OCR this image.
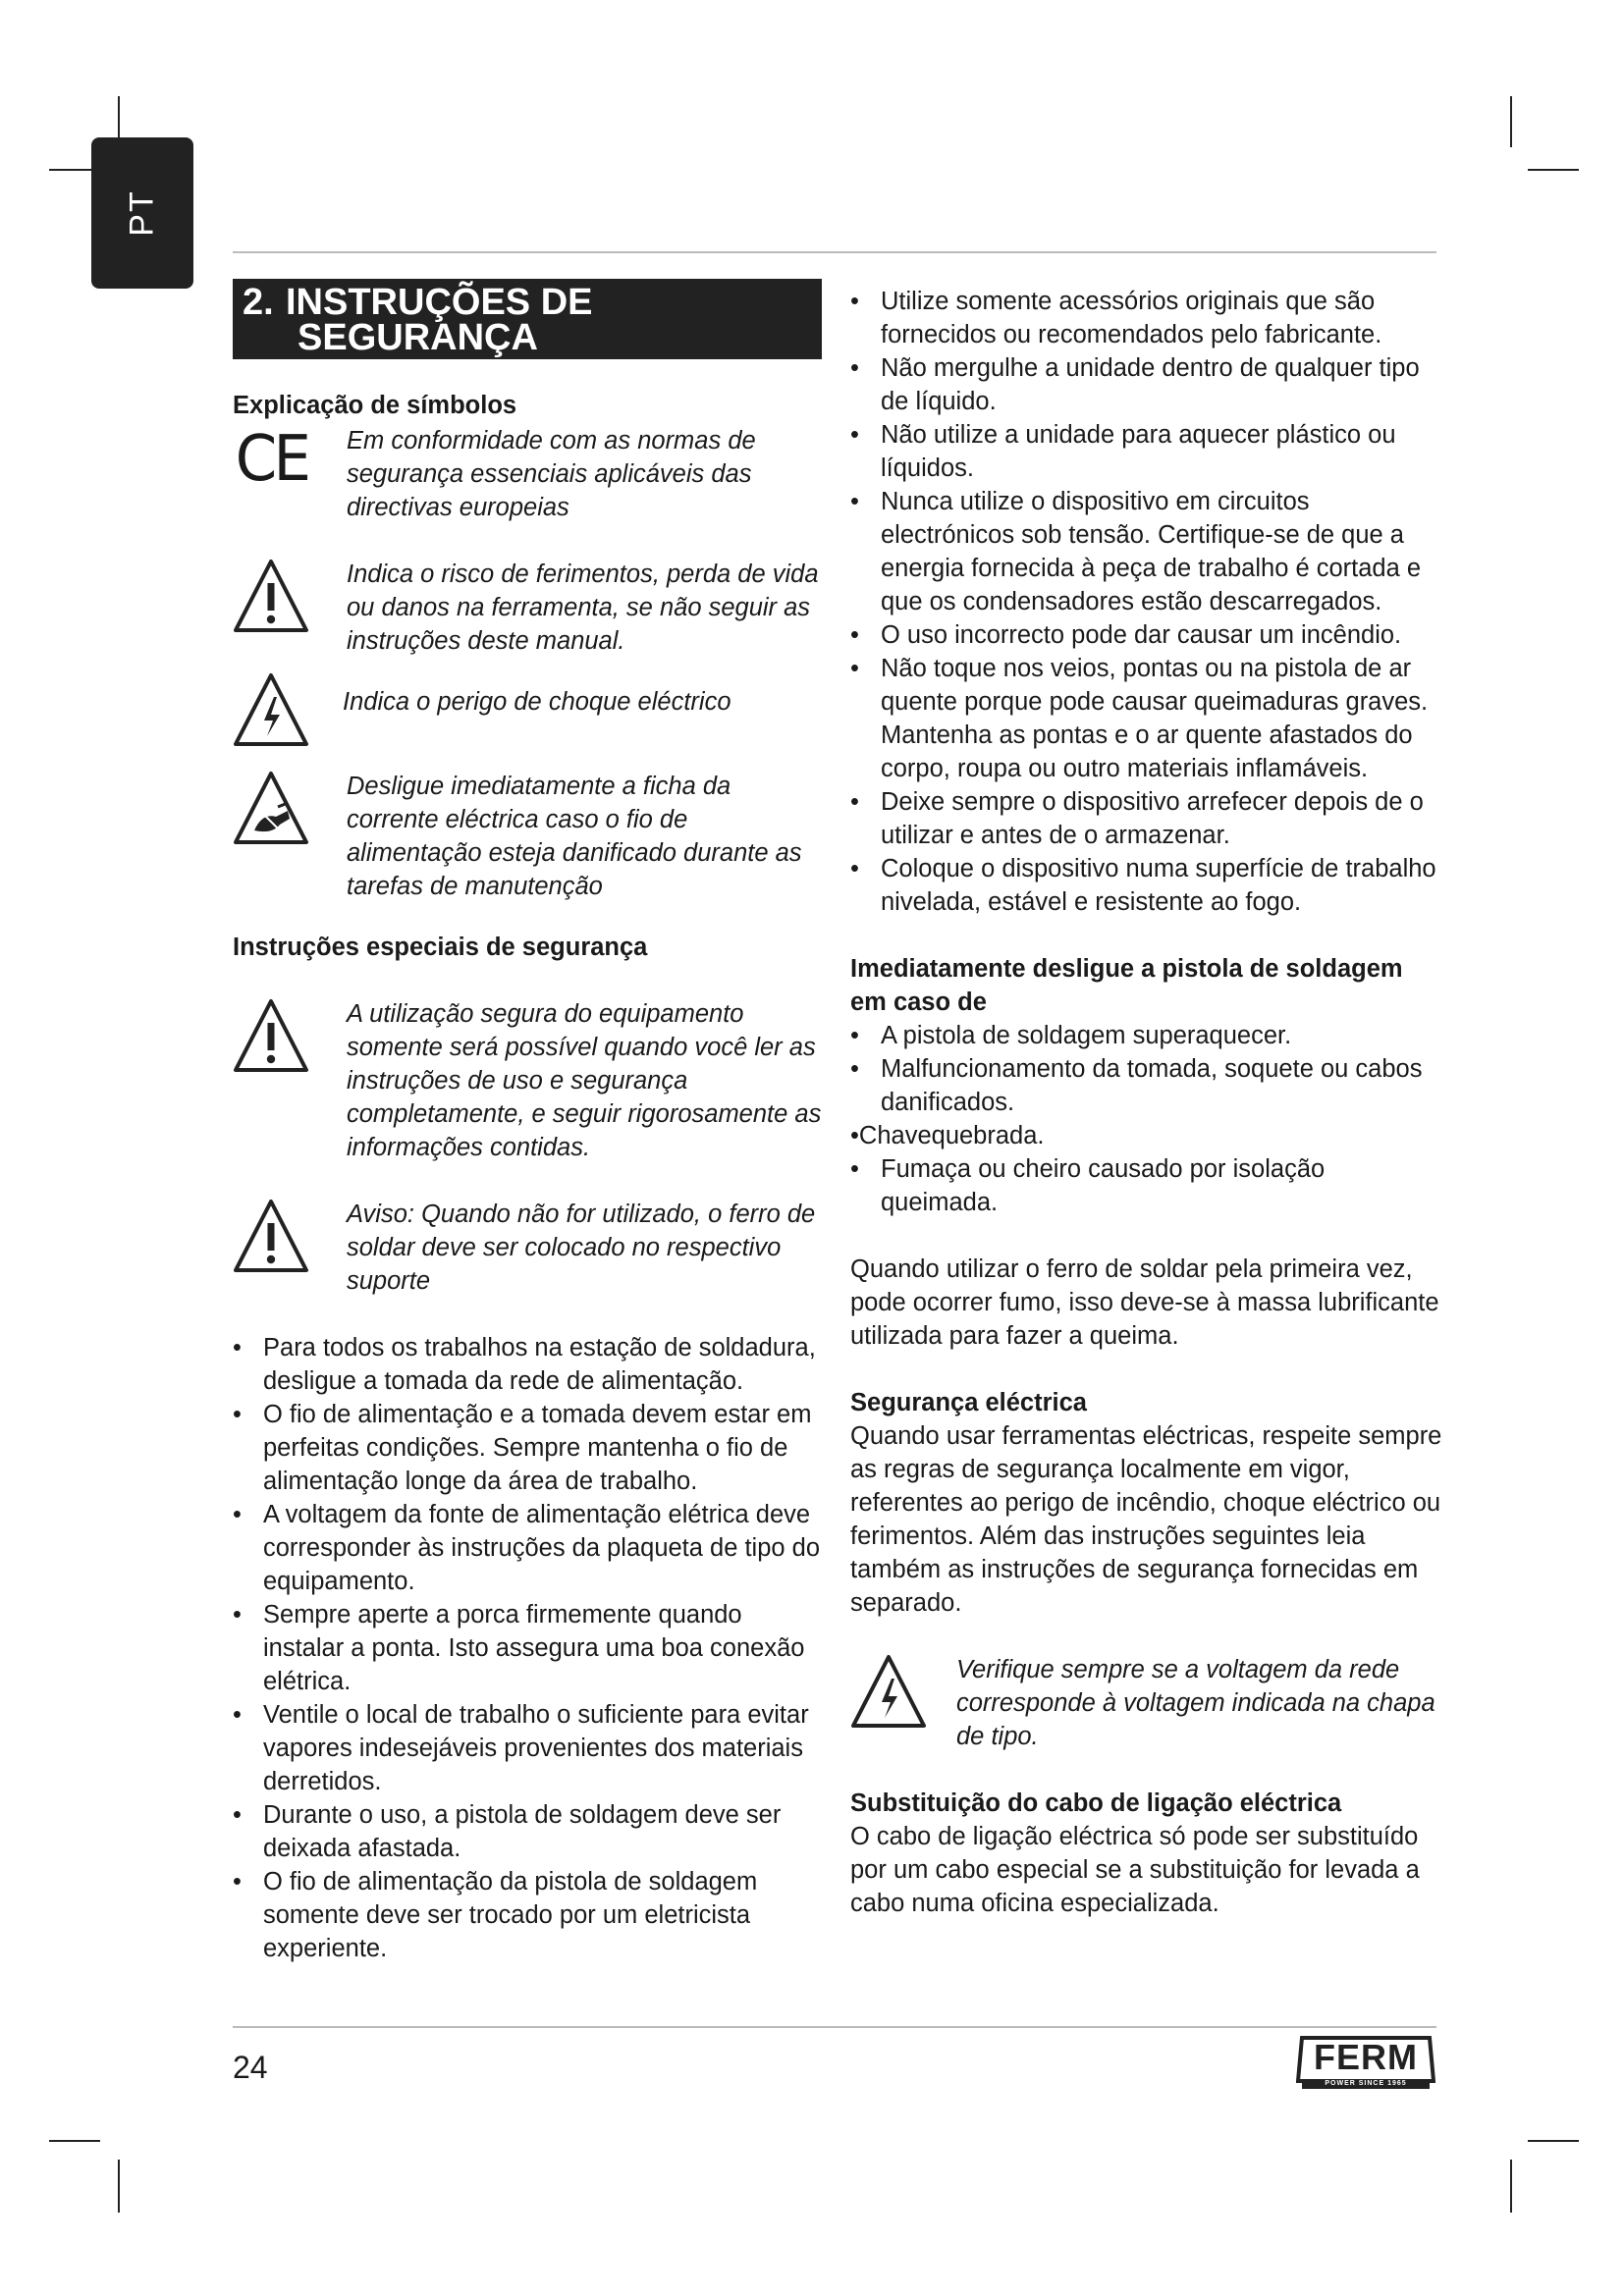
PT
2. INSTRUÇÕES DE
SEGURANÇA
Explicação de símbolos
CE	Em conformidade com as normas de segurança essenciais aplicáveis das directivas europeias
Indica o risco de ferimentos, perda de vida ou danos na ferramenta, se não seguir as instruções deste manual.
Indica o perigo de choque eléctrico
Desligue imediatamente a ficha da corrente eléctrica caso o fio de alimentação esteja danificado durante as tarefas de manutenção
Instruções especiais de segurança
A utilização segura do equipamento somente será possível quando você ler as instruções de uso e segurança completamente, e seguir rigorosamente as informações contidas.
Aviso: Quando não for utilizado, o ferro de soldar deve ser colocado no respectivo suporte
• Para todos os trabalhos na estação de soldadura, desligue a tomada da rede de alimentação.
• O fio de alimentação e a tomada devem estar em perfeitas condições. Sempre mantenha o fio de alimentação longe da área de trabalho.
• A voltagem da fonte de alimentação elétrica deve corresponder às instruções da plaqueta de tipo do equipamento.
• Sempre aperte a porca firmemente quando instalar a ponta. Isto assegura uma boa conexão elétrica.
• Ventile o local de trabalho o suficiente para evitar vapores indesejáveis provenientes dos materiais derretidos.
• Durante o uso, a pistola de soldagem deve ser deixada afastada.
• O fio de alimentação da pistola de soldagem somente deve ser trocado por um eletricista experiente.
• Utilize somente acessórios originais que são fornecidos ou recomendados pelo fabricante.
• Não mergulhe a unidade dentro de qualquer tipo de líquido.
• Não utilize a unidade para aquecer plástico ou líquidos.
• Nunca utilize o dispositivo em circuitos electrónicos sob tensão. Certifique-se de que a energia fornecida à peça de trabalho é cortada e que os condensadores estão descarregados.
• O uso incorrecto pode dar causar um incêndio.
• Não toque nos veios, pontas ou na pistola de ar quente porque pode causar queimaduras graves. Mantenha as pontas e o ar quente afastados do corpo, roupa ou outro materiais inflamáveis.
• Deixe sempre o dispositivo arrefecer depois de o utilizar e antes de o armazenar.
• Coloque o dispositivo numa superfície de trabalho nivelada, estável e resistente ao fogo.
Imediatamente desligue a pistola de soldagem em caso de
• A pistola de soldagem superaquecer.
• Malfuncionamento da tomada, soquete ou cabos danificados.
•Chavequebrada.
• Fumaça ou cheiro causado por isolação queimada.

Quando utilizar o ferro de soldar pela primeira vez, pode ocorrer fumo, isso deve-se à massa lubrificante utilizada para fazer a queima.

Segurança eléctrica

Quando usar ferramentas eléctricas, respeite sempre as regras de segurança localmente em vigor, referentes ao perigo de incêndio, choque eléctrico ou ferimentos. Além das instruções seguintes leia também as instruções de segurança fornecidas em separado.

Verifique sempre se a voltagem da rede corresponde à voltagem indicada na chapa de tipo.
Substituição do cabo de ligação eléctrica

O cabo de ligação eléctrica só pode ser substituído por um cabo especial se a substituição for levada a cabo numa oficina especializada.

24	FERM
POWER SINCE 1965
